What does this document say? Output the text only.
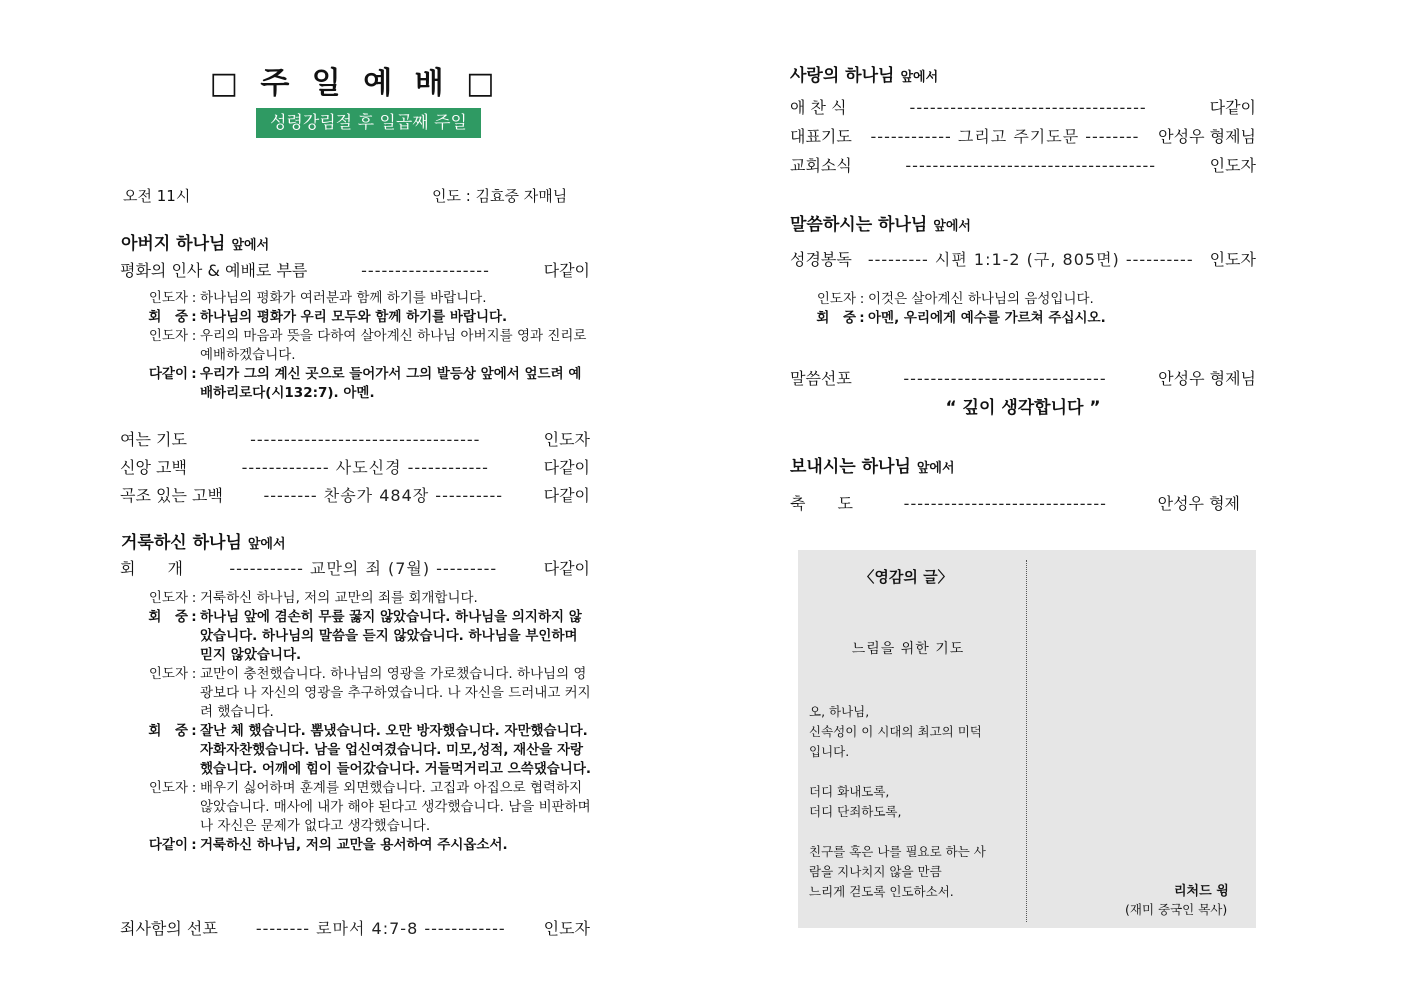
□ 주 일 예 배 □
성령강림절 후 일곱째 주일
오전 11시	인도 : 김효중 자매님
아버지 하나님 앞에서
평화의 인사 & 예배로 부름	-------------------	다같이
인도자 : 하나님의 평화가 여러분과 함께 하기를 바랍니다.
회　중 : 하나님의 평화가 우리 모두와 함께 하기를 바랍니다.
인도자 : 우리의 마음과 뜻을 다하여 살아계신 하나님 아버지를 영과 진리로 예배하겠습니다.
다같이 : 우리가 그의 계신 곳으로 들어가서 그의 발등상 앞에서 엎드려 예배하리로다(시132:7). 아멘.
여는 기도	----------------------------------	인도자
신앙 고백	------------- 사도신경 ------------	다같이
곡조 있는 고백	-------- 찬송가 484장 ----------	다같이
거룩하신 하나님 앞에서
회　　개	----------- 교만의 죄 (7월) ---------	다같이
인도자 : 거룩하신 하나님, 저의 교만의 죄를 회개합니다.
회　중 : 하나님 앞에 겸손히 무릎 꿇지 않았습니다. 하나님을 의지하지 않았습니다. 하나님의 말씀을 듣지 않았습니다. 하나님을 부인하며 믿지 않았습니다.
인도자 : 교만이 충천했습니다. 하나님의 영광을 가로챘습니다. 하나님의 영광보다 나 자신의 영광을 추구하였습니다. 나 자신을 드러내고 커지려 했습니다.
회　중 : 잘난 체 했습니다. 뽐냈습니다. 오만 방자했습니다. 자만했습니다. 자화자찬했습니다. 남을 업신여겼습니다. 미모,성적, 재산을 자랑했습니다. 어깨에 힘이 들어갔습니다. 거들먹거리고 으쓱댔습니다.
인도자 : 배우기 싫어하며 훈계를 외면했습니다. 고집과 아집으로 협력하지 않았습니다. 매사에 내가 해야 된다고 생각했습니다. 남을 비판하며 나 자신은 문제가 없다고 생각했습니다.
다같이 : 거룩하신 하나님, 저의 교만을 용서하여 주시옵소서.
죄사함의 선포	-------- 로마서 4:7-8 ------------	인도자
사랑의 하나님 앞에서
애 찬 식	-----------------------------------	다같이
대표기도	------------ 그리고 주기도문 --------	안성우 형제님
교회소식	-------------------------------------	인도자
말씀하시는 하나님 앞에서
성경봉독	--------- 시편 1:1-2 (구, 805면) ----------	인도자
인도자 : 이것은 살아계신 하나님의 음성입니다.
회　중 : 아멘, 우리에게 예수를 가르쳐 주십시오.
말씀선포	------------------------------	안성우 형제님
“ 깊이 생각합니다 ”
보내시는 하나님 앞에서
축　　도	------------------------------	안성우 형제
〈영감의 글〉
느림을 위한 기도
오, 하나님,
신속성이 이 시대의 최고의 미덕
입니다.
더디 화내도록,
더디 단죄하도록,
친구를 혹은 나를 필요로 하는 사
람을 지나치지 않을 만큼
느리게 걷도록 인도하소서.	리처드 윙
(재미 중국인 목사)
